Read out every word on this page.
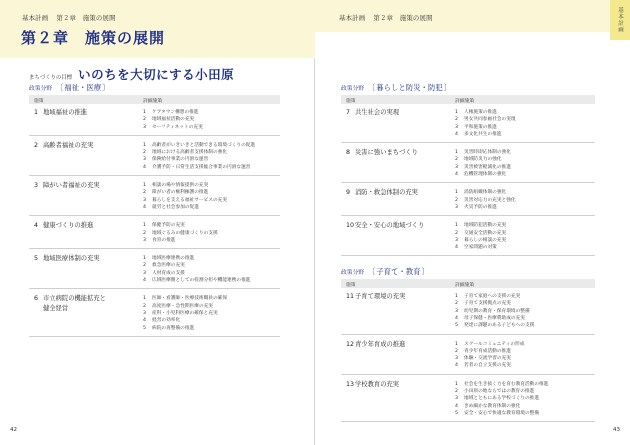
基本計画 第２章　施策の展開
第２章　施策の展開
まちづくりの目標 いのちを大切にする小田原
政策分野 〔 福祉・医療 〕
施策	詳細施策
1 地域福祉の推進	1 ケアタウン構想の推進
2 地域福祉活動の充実
3 セーフティネットの充実
2 高齢者福祉の充実	1 高齢者がいきいきと活動できる環境づくりの促進
2 地域における高齢者支援体制の強化
3 保険給付事業の円滑な運営
4 介護予防・日常生活支援総合事業の円滑な運営
3 障がい者福祉の充実	1 相談の場や情報提供の充実
2 障がい者の権利擁護の推進
3 暮らしを支える福祉サービスの充実
4 就労と社会参加の促進
4 健康づくりの推進	1 保健予防の充実
2 地域ぐるみの健康づくりの支援
3 食育の推進
5 地域医療体制の充実	1 地域医療連携の推進
2 救急医療の充実
3 人材育成の支援
4 広域医療圏としての役割分担や機能連携の推進
6 市立病院の機能拡充と
健全経営
1 医師・看護師・医療技術職員の確保
2 高度医療・急性期医療の充実
3 産科・小児科医療の確保と充実
4 経営の効率化
5 病院の再整備の推進
42
基本計画 第２章　施策の展開	基本計画
政策分野 〔 暮らしと防災・防犯 〕
施策	詳細施策
7 共生社会の実現	1 人権施策の推進
2 男女共同参画社会の実現
3 平和施策の推進
4 多文化共生の推進
8 災害に強いまちづくり	1 災害時即応体制の強化
2 地域防災力の強化
3 災害被害軽減化の推進
4 危機管理体制の強化
9 消防・救急体制の充実	1 消防組織体制の強化
2 災害対応力の充実と強化
3 火災予防の推進
10安全・安心の地域づくり	1 地域防犯活動の充実
2 交通安全活動の充実
3 暮らしの相談の充実
4 空家問題の対策
政策分野 〔 子育て・教育 〕
施策	詳細施策
11子育て環境の充実	1 子育て家庭への支援の充実
2 子育て支援拠点の充実
3 幼児期の教育・保育環境の整備
4 母子保健・医療費助成の充実
5 発達に課題のある子どもへの支援
12青少年育成の推進	1 スクールコミュニティの形成
2 青少年育成活動の推進
3 体験・交流学習の充実
4 若者の自立支援の充実
13学校教育の充実	1 社会を生き抜く力を育む教育活動の推進
2 小田原の地ならではの教育の推進
3 地域とともにある学校づくりの推進
4 きめ細かな教育体制の強化
5 安全・安心で快適な教育環境の整備
43
